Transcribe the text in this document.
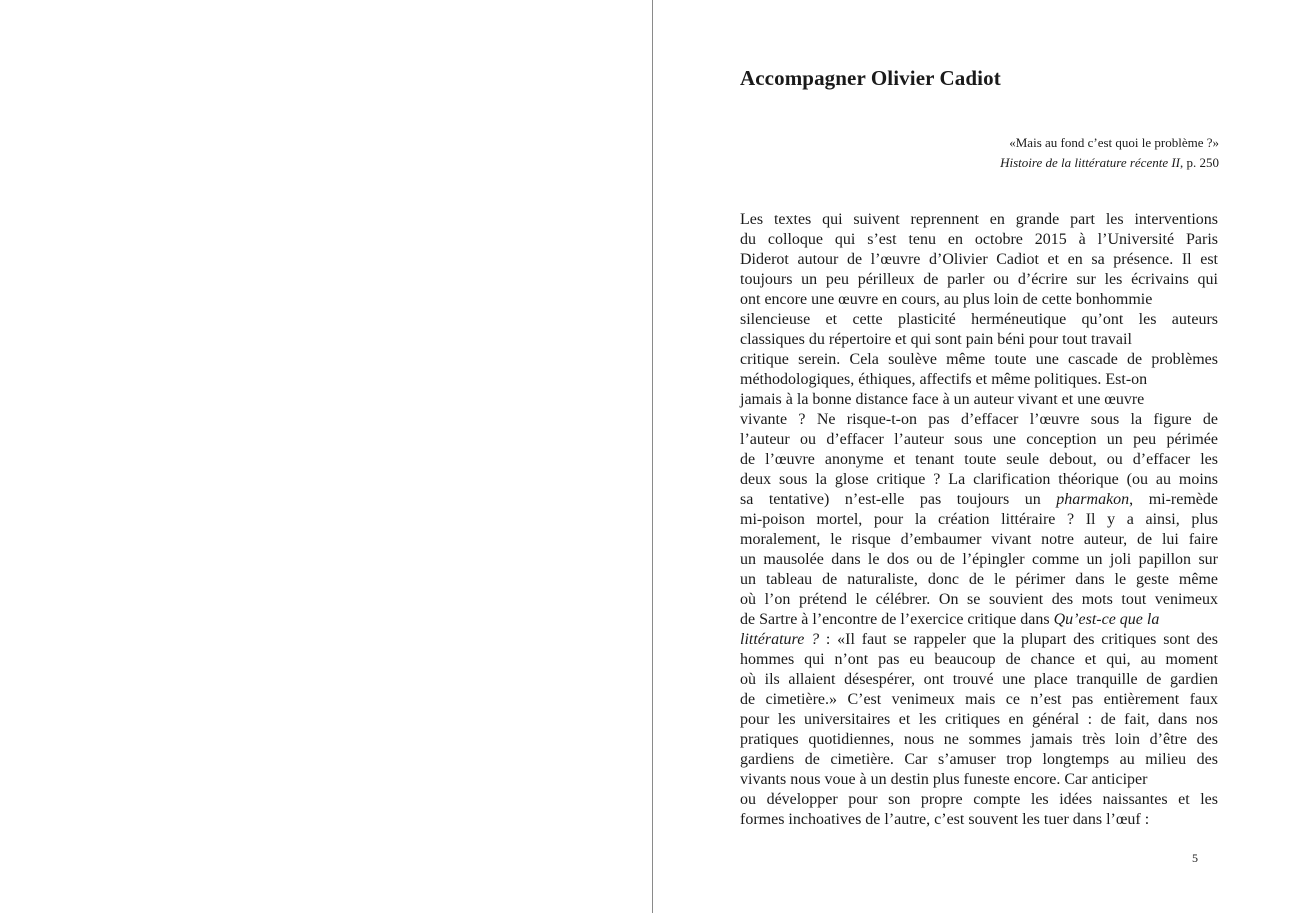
Accompagner Olivier Cadiot
«Mais au fond c’est quoi le problème ?»
Histoire de la littérature récente II, p. 250
Les textes qui suivent reprennent en grande part les interventions
du colloque qui s’est tenu en octobre 2015 à l’Université Paris
Diderot autour de l’œuvre d’Olivier Cadiot et en sa présence. Il est
toujours un peu périlleux de parler ou d’écrire sur les écrivains qui
ont encore une œuvre en cours, au plus loin de cette bonhommie
silencieuse et cette plasticité herméneutique qu’ont les auteurs
classiques du répertoire et qui sont pain béni pour tout travail
critique serein. Cela soulève même toute une cascade de problèmes
méthodologiques, éthiques, affectifs et même politiques. Est-on
jamais à la bonne distance face à un auteur vivant et une œuvre
vivante ? Ne risque-t-on pas d’effacer l’œuvre sous la figure de
l’auteur ou d’effacer l’auteur sous une conception un peu périmée
de l’œuvre anonyme et tenant toute seule debout, ou d’effacer les
deux sous la glose critique ? La clarification théorique (ou au moins
sa tentative) n’est-elle pas toujours un pharmakon, mi-remède
mi-poison mortel, pour la création littéraire ? Il y a ainsi, plus
moralement, le risque d’embaumer vivant notre auteur, de lui faire
un mausolée dans le dos ou de l’épingler comme un joli papillon sur
un tableau de naturaliste, donc de le périmer dans le geste même
où l’on prétend le célébrer. On se souvient des mots tout venimeux
de Sartre à l’encontre de l’exercice critique dans Qu’est-ce que la
littérature ? : «Il faut se rappeler que la plupart des critiques sont des
hommes qui n’ont pas eu beaucoup de chance et qui, au moment
où ils allaient désespérer, ont trouvé une place tranquille de gardien
de cimetière.» C’est venimeux mais ce n’est pas entièrement faux
pour les universitaires et les critiques en général : de fait, dans nos
pratiques quotidiennes, nous ne sommes jamais très loin d’être des
gardiens de cimetière. Car s’amuser trop longtemps au milieu des
vivants nous voue à un destin plus funeste encore. Car anticiper
ou développer pour son propre compte les idées naissantes et les
formes inchoatives de l’autre, c’est souvent les tuer dans l’œuf :
5
